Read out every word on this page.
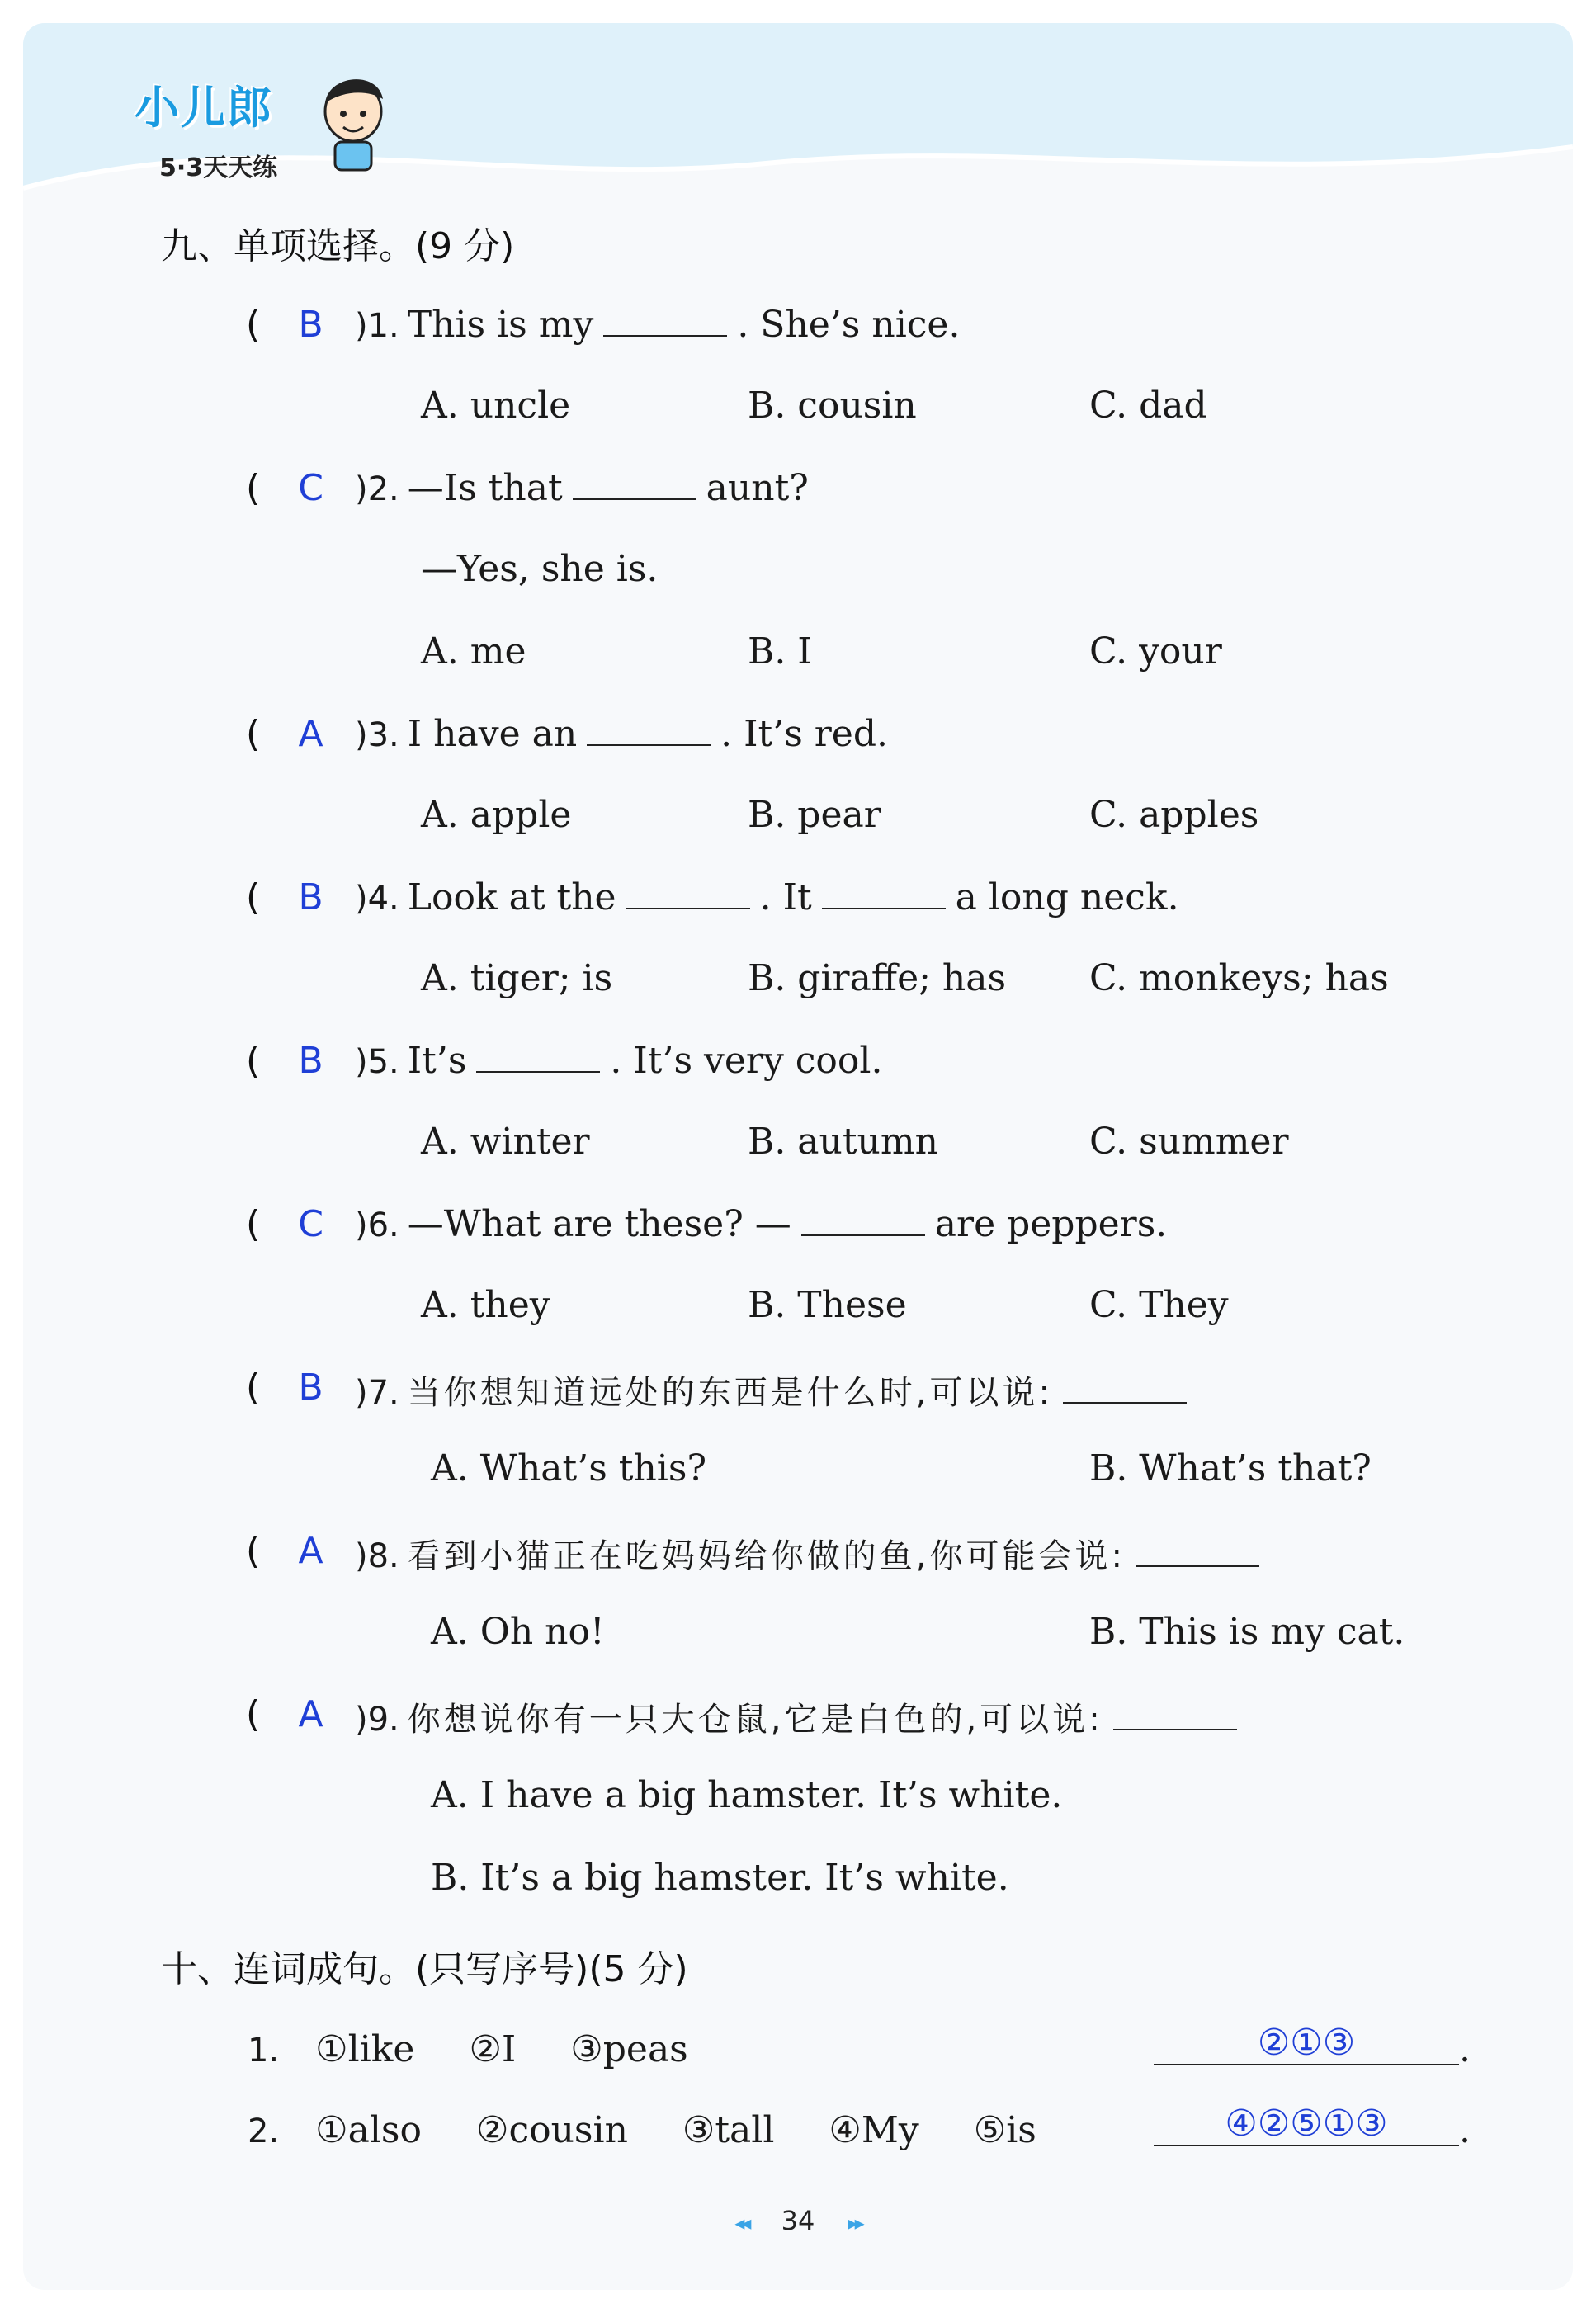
小儿郎
5·3天天练
九、单项选择。(9 分)
( B )1. This is my	. She’s nice.
A. uncle	B. cousin	C. dad
( C )2. —Is that	aunt?
—Yes, she is.
A. me	B. I	C. your
( A )3. I have an	. It’s red.
A. apple	B. pear	C. apples
( B )4. Look at the	. It	a long neck.
A. tiger; is	B. giraffe; has C. monkeys; has
( B )5. It’s	. It’s very cool.
A. winter	B. autumn	C. summer
( C )6. —What are these? —	are peppers.
A. they	B. These	C. They
( B )7. 当你想知道远处的东西是什么时,可以说:
A. What’s this?	B. What’s that?
( A )8. 看到小猫正在吃妈妈给你做的鱼,你可能会说:
A. Oh no!	B. This is my cat.
( A )9. 你想说你有一只大仓鼠,它是白色的,可以说:
A. I have a big hamster. It’s white.
B. It’s a big hamster. It’s white.
十、连词成句。(只写序号)(5 分)
1. ①like ②I ③peas	②①③	.
2. ①also ②cousin ③tall ④My ⑤is	④②⑤①③	.
◂◂ 34 ▸▸
